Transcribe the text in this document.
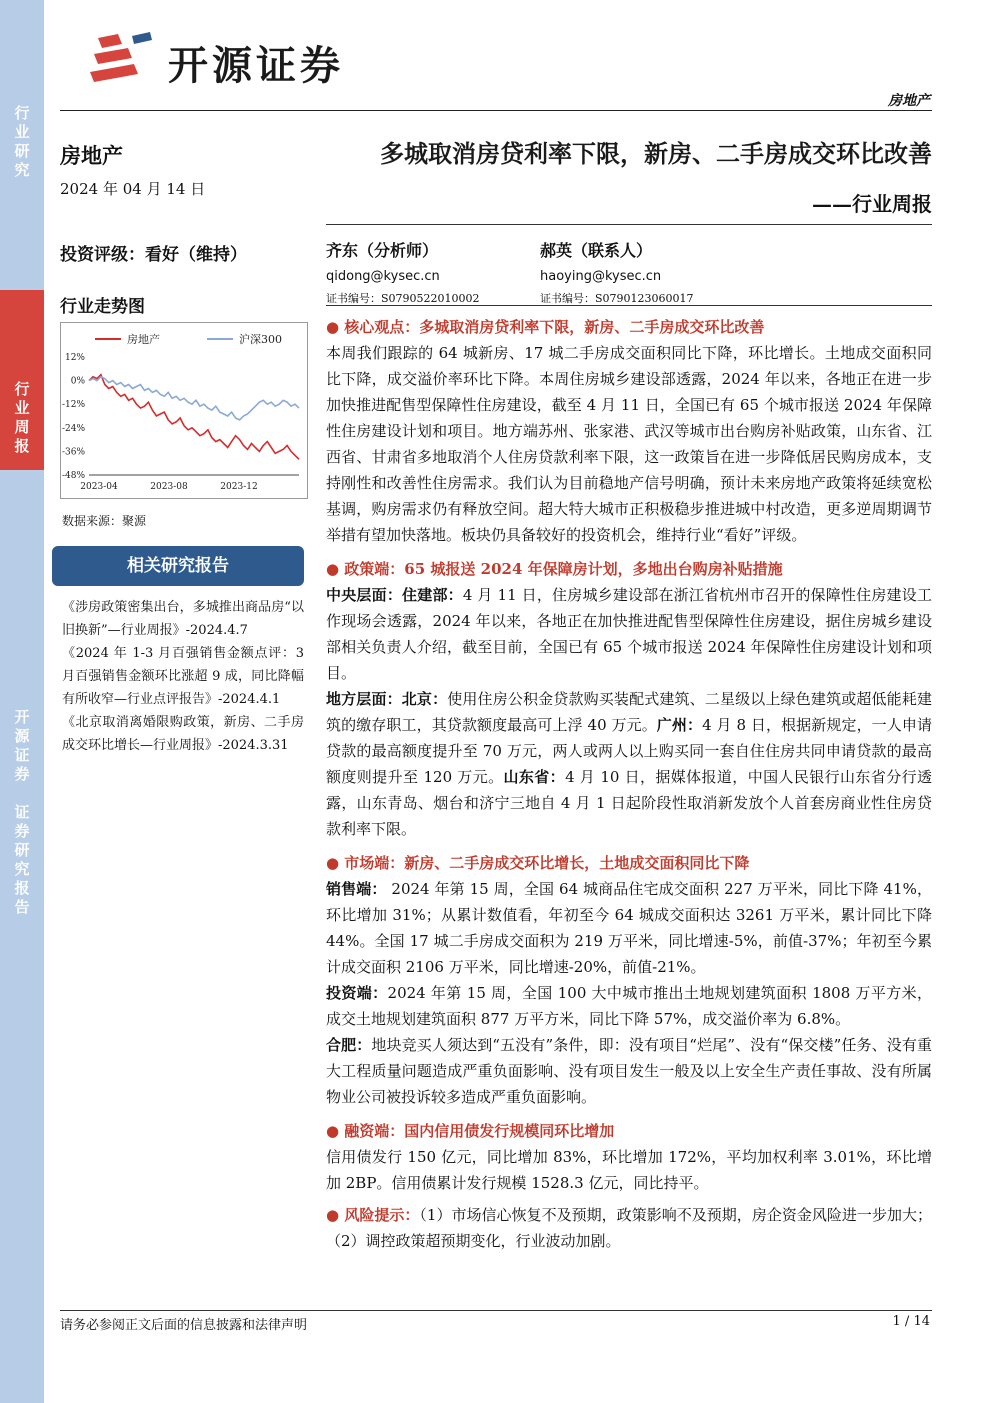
行
业
研
究
行
业
周
报
开
源
证
券

证
券
研
究
报
告
开源证券
房地产
房地产
2024 年 04 月 14 日
多城取消房贷利率下限，新房、二手房成交环比改善
——行业周报
投资评级：看好（维持）
行业走势图
12%
0%
-12%
-24%
-36%
-48%
2023-04	2023-08	2023-12
房地产	沪深300
数据来源：聚源
相关研究报告

《涉房政策密集出台，多城推出商品房“以旧换新”—行业周报》-2024.4.7

《2024 年 1-3 月百强销售金额点评：3 月百强销售金额环比涨超 9 成，同比降幅有所收窄—行业点评报告》-2024.4.1

《北京取消离婚限购政策，新房、二手房成交环比增长—行业周报》-2024.3.31

齐东（分析师）
qidong@kysec.cn
证书编号：S0790522010002
郝英（联系人）
haoying@kysec.cn
证书编号：S0790123060017

● 核心观点：多城取消房贷利率下限，新房、二手房成交环比改善

本周我们跟踪的 64 城新房、17 城二手房成交面积同比下降，环比增长。土地成交面积同比下降，成交溢价率环比下降。本周住房城乡建设部透露，2024 年以来，各地正在进一步加快推进配售型保障性住房建设，截至 4 月 11 日，全国已有 65 个城市报送 2024 年保障性住房建设计划和项目。地方端苏州、张家港、武汉等城市出台购房补贴政策，山东省、江西省、甘肃省多地取消个人住房贷款利率下限，这一政策旨在进一步降低居民购房成本，支持刚性和改善性住房需求。我们认为目前稳地产信号明确，预计未来房地产政策将延续宽松基调，购房需求仍有释放空间。超大特大城市正积极稳步推进城中村改造，更多逆周期调节举措有望加快落地。板块仍具备较好的投资机会，维持行业“看好”评级。

● 政策端：65 城报送 2024 年保障房计划，多地出台购房补贴措施

中央层面：住建部：4 月 11 日，住房城乡建设部在浙江省杭州市召开的保障性住房建设工作现场会透露，2024 年以来，各地正在加快推进配售型保障性住房建设，据住房城乡建设部相关负责人介绍，截至目前，全国已有 65 个城市报送 2024 年保障性住房建设计划和项目。

地方层面：北京：使用住房公积金贷款购买装配式建筑、二星级以上绿色建筑或超低能耗建筑的缴存职工，其贷款额度最高可上浮 40 万元。广州：4 月 8 日，根据新规定，一人申请贷款的最高额度提升至 70 万元，两人或两人以上购买同一套自住住房共同申请贷款的最高额度则提升至 120 万元。山东省：4 月 10 日，据媒体报道，中国人民银行山东省分行透露，山东青岛、烟台和济宁三地自 4 月 1 日起阶段性取消新发放个人首套房商业性住房贷款利率下限。

● 市场端：新房、二手房成交环比增长，土地成交面积同比下降

销售端： 2024 年第 15 周，全国 64 城商品住宅成交面积 227 万平米，同比下降 41%，环比增加 31%；从累计数值看，年初至今 64 城成交面积达 3261 万平米，累计同比下降 44%。全国 17 城二手房成交面积为 219 万平米，同比增速-5%，前值-37%；年初至今累计成交面积 2106 万平米，同比增速-20%，前值-21%。

投资端：2024 年第 15 周，全国 100 大中城市推出土地规划建筑面积 1808 万平方米，成交土地规划建筑面积 877 万平方米，同比下降 57%，成交溢价率为 6.8%。

合肥：地块竞买人须达到“五没有”条件，即：没有项目“烂尾”、没有“保交楼”任务、没有重大工程质量问题造成严重负面影响、没有项目发生一般及以上安全生产责任事故、没有所属物业公司被投诉较多造成严重负面影响。

● 融资端：国内信用债发行规模同环比增加

信用债发行 150 亿元，同比增加 83%，环比增加 172%，平均加权利率 3.01%，环比增加 2BP。信用债累计发行规模 1528.3 亿元，同比持平。

● 风险提示：（1）市场信心恢复不及预期，政策影响不及预期，房企资金风险进一步加大；（2）调控政策超预期变化，行业波动加剧。

请务必参阅正文后面的信息披露和法律声明	1 / 14
